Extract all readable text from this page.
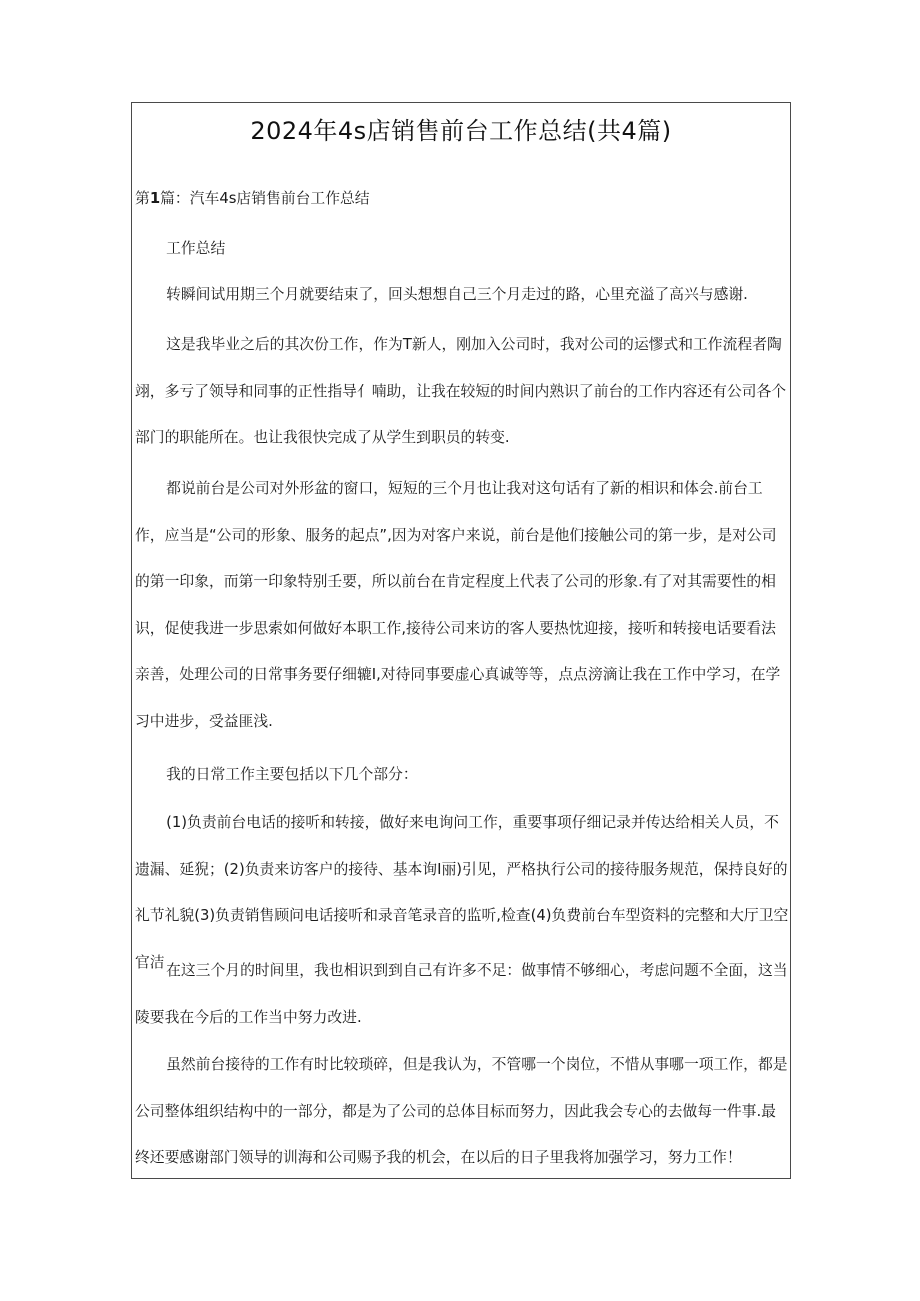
2024年4s店销售前台工作总结(共4篇)
第1篇：汽车4s店销售前台工作总结
工作总结
转瞬间试用期三个月就要结束了，回头想想自己三个月走过的路，心里充溢了高兴与感谢.
这是我毕业之后的其次份工作，作为T新人，刚加入公司时，我对公司的运憀式和工作流程者陶翊，多亏了领导和同事的正性指导亻喃助，让我在较短的时间内熟识了前台的工作内容还有公司各个部门的职能所在。也让我很快完成了从学生到职员的转变.
都说前台是公司对外形盆的窗口，短短的三个月也让我对这句话有了新的相识和体会.前台工作，应当是“公司的形象、服务的起点”,因为对客户来说，前台是他们接触公司的第一步，是对公司的第一印象，而第一印象特别壬要，所以前台在肯定程度上代表了公司的形象.有了对其需要性的相识，促使我进一步思索如何做好本职工作,接待公司来访的客人要热忱迎接，接听和转接电话要看法亲善，处理公司的日常事务要仔细辘I,对待同事要虚心真诚等等，点点滂滴让我在工作中学习，在学习中进步，受益匪浅.
我的日常工作主要包括以下几个部分：
(1)负责前台电话的接听和转接，做好来电询问工作，重要事项仔细记录并传达给相关人员，不遗漏、延猊；(2)负责来访客户的接待、基本询I丽)引见，严格执行公司的接待服务规范，保持良好的礼节礼貌(3)负责销售顾问电话接听和录音笔录音的监听,检查(4)负费前台车型资料的完整和大厅卫空官洁 在这三个月的时间里，我也相识到到自己有许多不足：做事情不够细心，考虑问题不全面，这当陵要我在今后的工作当中努力改进.
虽然前台接待的工作有时比较琐碎，但是我认为，不管哪一个岗位，不惜从事哪一项工作，都是公司整体组织结构中的一部分，都是为了公司的总体目标而努力，因此我会专心的去做每一件事.最终还要感谢部门领导的训海和公司赐予我的机会，在以后的日子里我将加强学习，努力工作！
